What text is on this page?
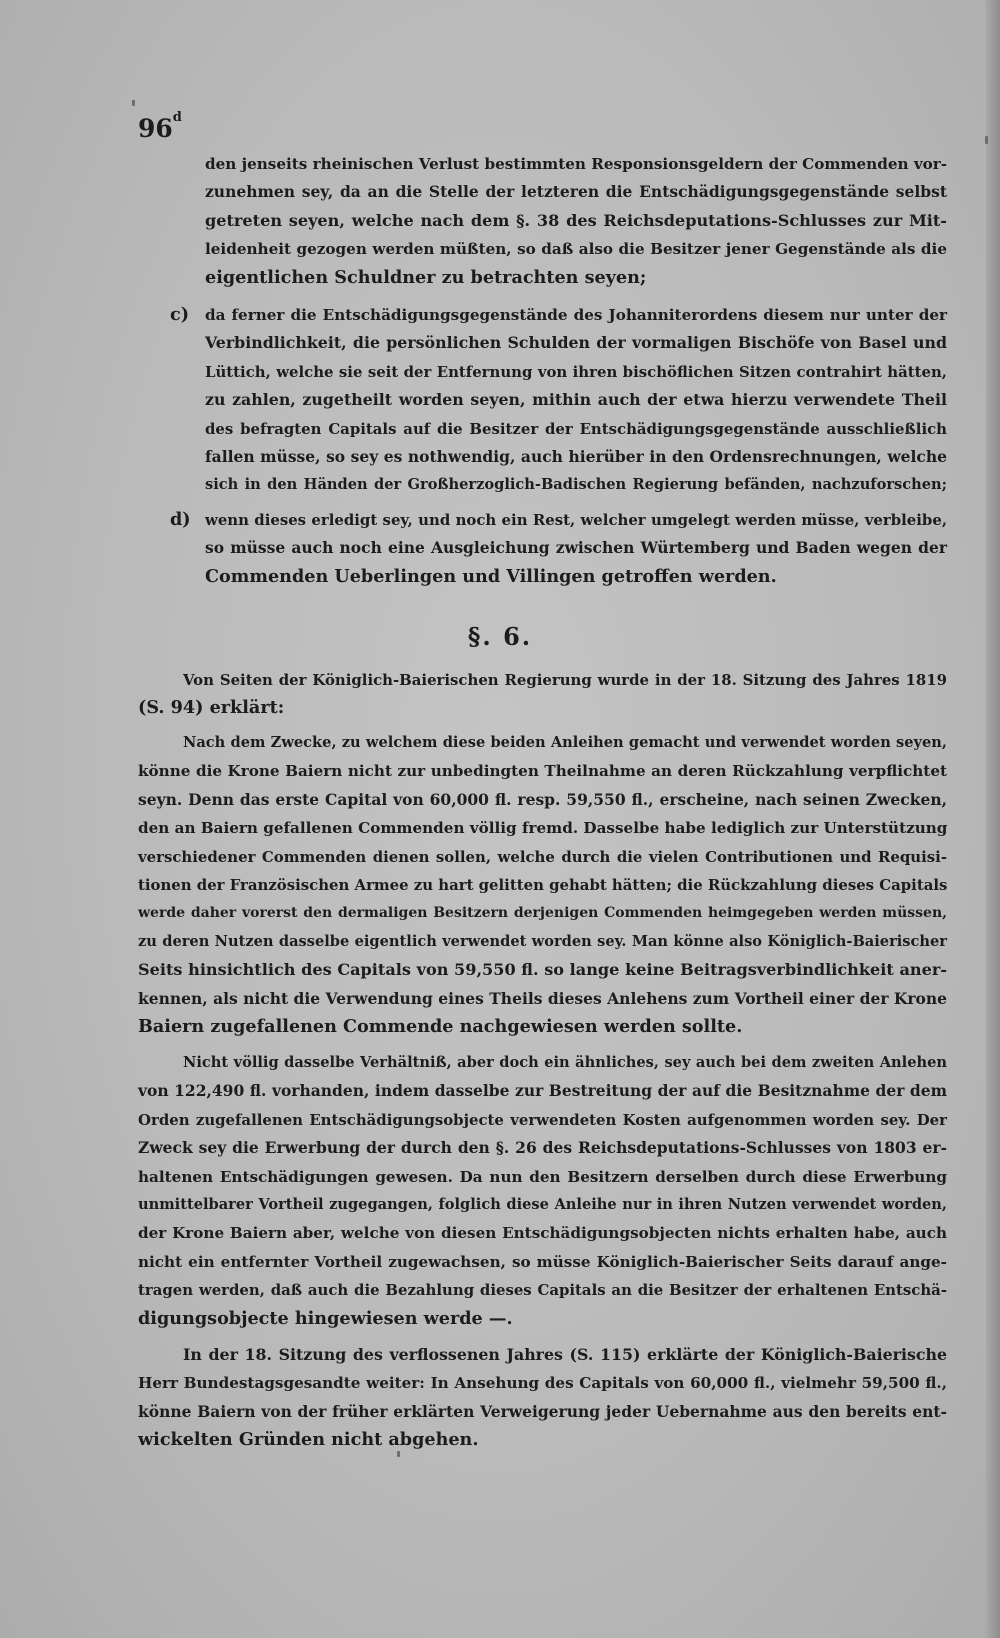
96$^d$
den jenseits rheinischen Verlust bestimmten Responsionsgeldern der Commenden vor-
zunehmen sey, da an die Stelle der letzteren die Entschädigungsgegenstände selbst
getreten seyen, welche nach dem §. 38 des Reichsdeputations-Schlusses zur Mit-
leidenheit gezogen werden müßten, so daß also die Besitzer jener Gegenstände als die
eigentlichen Schuldner zu betrachten seyen;
c)	da ferner die Entschädigungsgegenstände des Johanniterordens diesem nur unter der
Verbindlichkeit, die persönlichen Schulden der vormaligen Bischöfe von Basel und
Lüttich, welche sie seit der Entfernung von ihren bischöflichen Sitzen contrahirt hätten,
zu zahlen, zugetheilt worden seyen, mithin auch der etwa hierzu verwendete Theil
des befragten Capitals auf die Besitzer der Entschädigungsgegenstände ausschließlich
fallen müsse, so sey es nothwendig, auch hierüber in den Ordensrechnungen, welche
sich in den Händen der Großherzoglich-Badischen Regierung befänden, nachzuforschen;
d) wenn dieses erledigt sey, und noch ein Rest, welcher umgelegt werden müsse, verbleibe,
so müsse auch noch eine Ausgleichung zwischen Würtemberg und Baden wegen der
Commenden Ueberlingen und Villingen getroffen werden.
§. 6.
Von Seiten der Königlich-Baierischen Regierung wurde in der 18. Sitzung des Jahres 1819
(S. 94) erklärt:
Nach dem Zwecke, zu welchem diese beiden Anleihen gemacht und verwendet worden seyen,
könne die Krone Baiern nicht zur unbedingten Theilnahme an deren Rückzahlung verpflichtet
seyn. Denn das erste Capital von 60,000 fl. resp. 59,550 fl., erscheine, nach seinen Zwecken,
den an Baiern gefallenen Commenden völlig fremd. Dasselbe habe lediglich zur Unterstützung
verschiedener Commenden dienen sollen, welche durch die vielen Contributionen und Requisi-
tionen der Französischen Armee zu hart gelitten gehabt hätten; die Rückzahlung dieses Capitals
werde daher vorerst den dermaligen Besitzern derjenigen Commenden heimgegeben werden müssen,
zu deren Nutzen dasselbe eigentlich verwendet worden sey. Man könne also Königlich-Baierischer
Seits hinsichtlich des Capitals von 59,550 fl. so lange keine Beitragsverbindlichkeit aner-
kennen, als nicht die Verwendung eines Theils dieses Anlehens zum Vortheil einer der Krone
Baiern zugefallenen Commende nachgewiesen werden sollte.
Nicht völlig dasselbe Verhältniß, aber doch ein ähnliches, sey auch bei dem zweiten Anlehen
von 122,490 fl. vorhanden, indem dasselbe zur Bestreitung der auf die Besitznahme der dem
Orden zugefallenen Entschädigungsobjecte verwendeten Kosten aufgenommen worden sey. Der
Zweck sey die Erwerbung der durch den §. 26 des Reichsdeputations-Schlusses von 1803 er-
haltenen Entschädigungen gewesen. Da nun den Besitzern derselben durch diese Erwerbung
unmittelbarer Vortheil zugegangen, folglich diese Anleihe nur in ihren Nutzen verwendet worden,
der Krone Baiern aber, welche von diesen Entschädigungsobjecten nichts erhalten habe, auch
nicht ein entfernter Vortheil zugewachsen, so müsse Königlich-Baierischer Seits darauf ange-
tragen werden, daß auch die Bezahlung dieses Capitals an die Besitzer der erhaltenen Entschä-
digungsobjecte hingewiesen werde —.
In der 18. Sitzung des verflossenen Jahres (S. 115) erklärte der Königlich-Baierische
Herr Bundestagsgesandte weiter: In Ansehung des Capitals von 60,000 fl., vielmehr 59,500 fl.,
könne Baiern von der früher erklärten Verweigerung jeder Uebernahme aus den bereits ent-
wickelten Gründen nicht abgehen.
